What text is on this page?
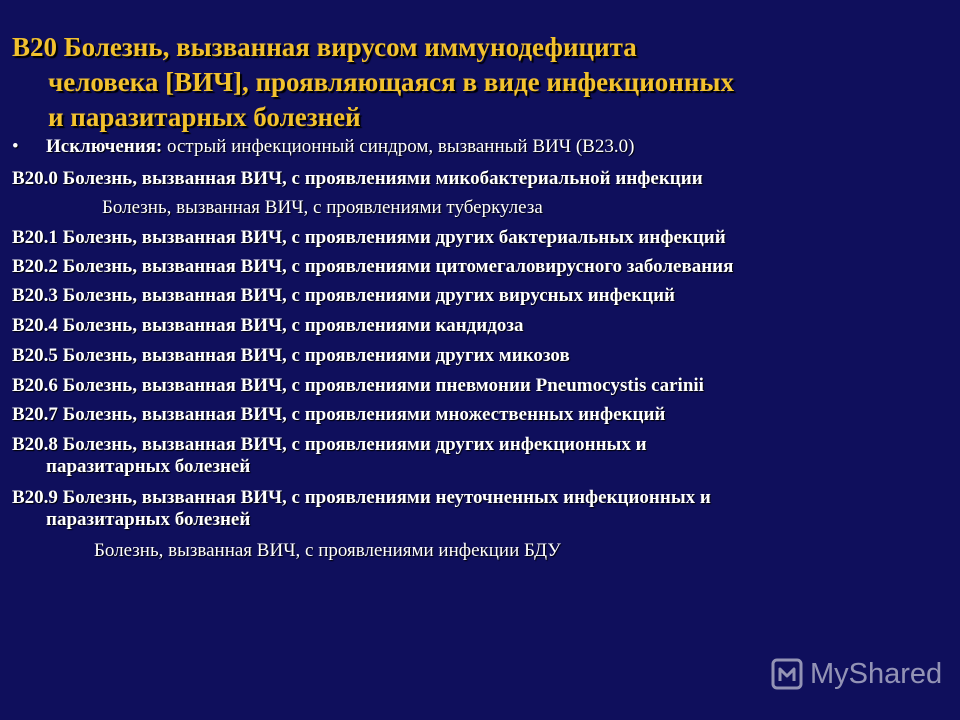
B20 Болезнь, вызванная вирусом иммунодефицита
человека [ВИЧ], проявляющаяся в виде инфекционных
и паразитарных болезней
• Исключения: острый инфекционный синдром, вызванный ВИЧ (В23.0)
В20.0 Болезнь, вызванная ВИЧ, с проявлениями микобактериальной инфекции
Болезнь, вызванная ВИЧ, с проявлениями туберкулеза
В20.1 Болезнь, вызванная ВИЧ, с проявлениями других бактериальных инфекций
В20.2 Болезнь, вызванная ВИЧ, с проявлениями цитомегаловирусного заболевания
В20.3 Болезнь, вызванная ВИЧ, с проявлениями других вирусных инфекций
В20.4 Болезнь, вызванная ВИЧ, с проявлениями кандидоза
В20.5 Болезнь, вызванная ВИЧ, с проявлениями других микозов
В20.6 Болезнь, вызванная ВИЧ, с проявлениями пневмонии Pneumocystis carinii
В20.7 Болезнь, вызванная ВИЧ, с проявлениями множественных инфекций
В20.8 Болезнь, вызванная ВИЧ, с проявлениями других инфекционных и
паразитарных болезней
В20.9 Болезнь, вызванная ВИЧ, с проявлениями неуточненных инфекционных и
паразитарных болезней
Болезнь, вызванная ВИЧ, с проявлениями инфекции БДУ
MyShared
